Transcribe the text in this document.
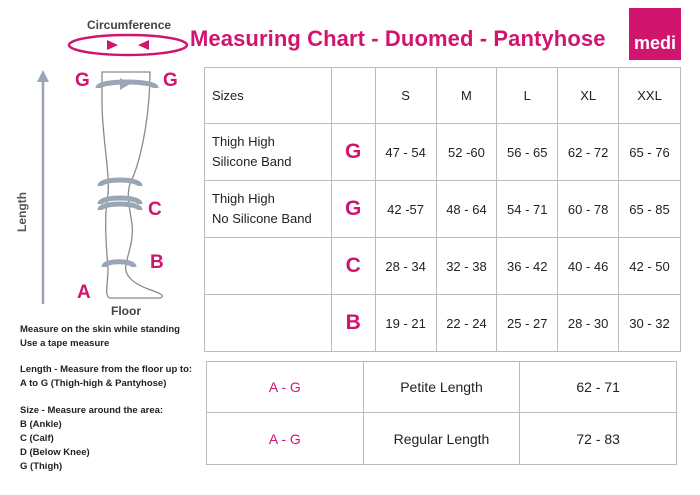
Measuring Chart - Duomed - Pantyhose medi
Circumference
Length
G	G
C
B
A
Floor
Measure on the skin while standing
Use a tape measure
Length - Measure from the floor up to:
A to G (Thigh-high & Pantyhose)
Size - Measure around the area:
B (Ankle)
C (Calf)
D (Below Knee)
G (Thigh)
Sizes		S	M	L	XL	XXL

Thigh High
Silicone Band	G	47 - 54	52 -60	56 - 65	62 - 72	65 - 76

Thigh High
No Silicone Band	G	42 -57	48 - 64	54 - 71	60 - 78	65 - 85
	C	28 - 34	32 - 38	36 - 42	40 - 46	42 - 50
	B	19 - 21	22 - 24	25 - 27	28 - 30	30 - 32
A - G	Petite Length	62 - 71
A - G	Regular Length	72 - 83
